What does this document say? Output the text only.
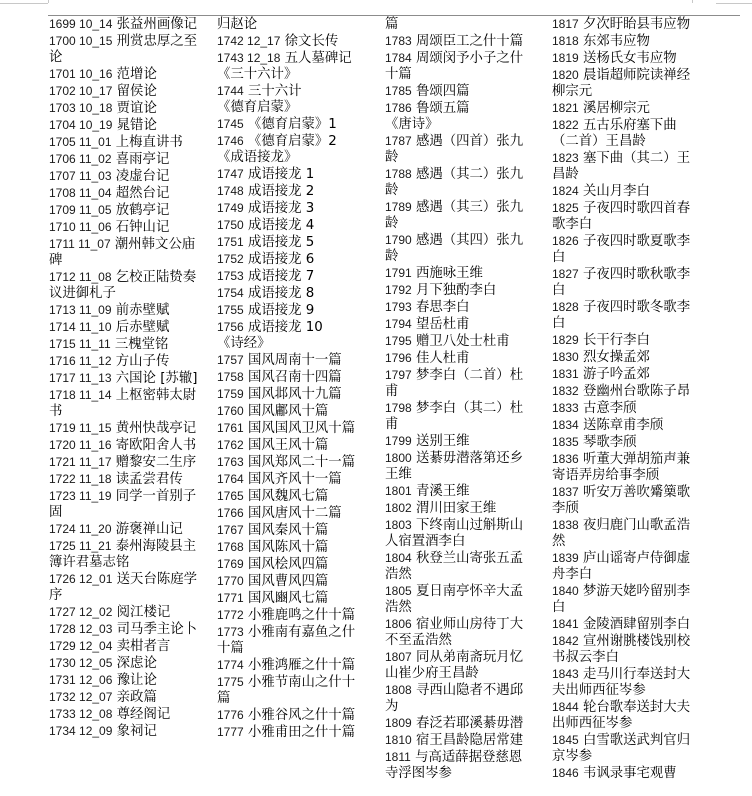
1699 10_14 张益州画像记
1700 10_15 刑赏忠厚之至论
1701 10_16 范增论
1702 10_17 留侯论
1703 10_18 贾谊论
1704 10_19 晁错论
1705 11_01 上梅直讲书
1706 11_02 喜雨亭记
1707 11_03 凌虚台记
1708 11_04 超然台记
1709 11_05 放鹤亭记
1710 11_06 石钟山记
1711 11_07 潮州韩文公庙碑
1712 11_08 乞校正陆贽奏议进御札子
1713 11_09 前赤壁赋
1714 11_10 后赤壁赋
1715 11_11 三槐堂铭
1716 11_12 方山子传
1717 11_13 六国论 [苏辙]
1718 11_14 上枢密韩太尉书
1719 11_15 黄州快哉亭记
1720 11_16 寄欧阳舍人书
1721 11_17 赠黎安二生序
1722 11_18 读孟尝君传
1723 11_19 同学一首别子固
1724 11_20 游褒禅山记
1725 11_21 泰州海陵县主簿许君墓志铭
1726 12_01 送天台陈庭学序
1727 12_02 阅江楼记
1728 12_03 司马季主论卜
1729 12_04 卖柑者言
1730 12_05 深虑论
1731 12_06 豫让论
1732 12_07 亲政篇
1733 12_08 尊经阁记
1734 12_09 象祠记
归赵论
1742 12_17 徐文长传
1743 12_18 五人墓碑记
《三十六计》
1744 三十六计
《德育启蒙》
1745 《德育启蒙》1
1746 《德育启蒙》2
《成语接龙》
1747 成语接龙 1
1748 成语接龙 2
1749 成语接龙 3
1750 成语接龙 4
1751 成语接龙 5
1752 成语接龙 6
1753 成语接龙 7
1754 成语接龙 8
1755 成语接龙 9
1756 成语接龙 10
《诗经》
1757 国风周南十一篇
1758 国风召南十四篇
1759 国风邶风十九篇
1760 国风鄘风十篇
1761 国风国风卫风十篇
1762 国风王风十篇
1763 国风郑风二十一篇
1764 国风齐风十一篇
1765 国风魏风七篇
1766 国风唐风十二篇
1767 国风秦风十篇
1768 国风陈风十篇
1769 国风桧风四篇
1770 国风曹风四篇
1771 国风豳风七篇
1772 小雅鹿鸣之什十篇
1773 小雅南有嘉鱼之什十篇
1774 小雅鸿雁之什十篇
1775 小雅节南山之什十篇
1776 小雅谷风之什十篇
1777 小雅甫田之什十篇
篇
1783 周颂臣工之什十篇
1784 周颂闵予小子之什十篇
1785 鲁颂四篇
1786 鲁颂五篇
《唐诗》
1787 感遇（四首）张九龄
1788 感遇（其二）张九龄
1789 感遇（其三）张九龄
1790 感遇（其四）张九龄
1791 西施咏王维
1792 月下独酌李白
1793 春思李白
1794 望岳杜甫
1795 赠卫八处士杜甫
1796 佳人杜甫
1797 梦李白（二首）杜甫
1798 梦李白（其二）杜甫
1799 送别王维
1800 送綦毋潜落第还乡王维
1801 青溪王维
1802 渭川田家王维
1803 下终南山过斛斯山人宿置酒李白
1804 秋登兰山寄张五孟浩然
1805 夏日南亭怀辛大孟浩然
1806 宿业师山房待丁大不至孟浩然
1807 同从弟南斋玩月忆山崔少府王昌龄
1808 寻西山隐者不遇邱为
1809 春泛若耶溪綦毋潜
1810 宿王昌龄隐居常建
1811 与高适薛据登慈恩寺浮图岑参
1817 夕次盱眙县韦应物
1818 东郊韦应物
1819 送杨氏女韦应物
1820 晨诣超师院读禅经柳宗元
1821 溪居柳宗元
1822 五古乐府塞下曲（二首）王昌龄
1823 塞下曲（其二）王昌龄
1824 关山月李白
1825 子夜四时歌四首春歌李白
1826 子夜四时歌夏歌李白
1827 子夜四时歌秋歌李白
1828 子夜四时歌冬歌李白
1829 长干行李白
1830 烈女操孟郊
1831 游子吟孟郊
1832 登幽州台歌陈子昂
1833 古意李颀
1834 送陈章甫李颀
1835 琴歌李颀
1836 听董大弹胡笳声兼寄语弄房给事李颀
1837 听安万善吹觱篥歌李颀
1838 夜归鹿门山歌孟浩然
1839 庐山谣寄卢侍御虚舟李白
1840 梦游天姥吟留别李白
1841 金陵酒肆留别李白
1842 宣州谢朓楼饯别校书叔云李白
1843 走马川行奉送封大夫出师西征岑参
1844 轮台歌奉送封大夫出师西征岑参
1845 白雪歌送武判官归京岑参
1846 韦讽录事宅观曹
